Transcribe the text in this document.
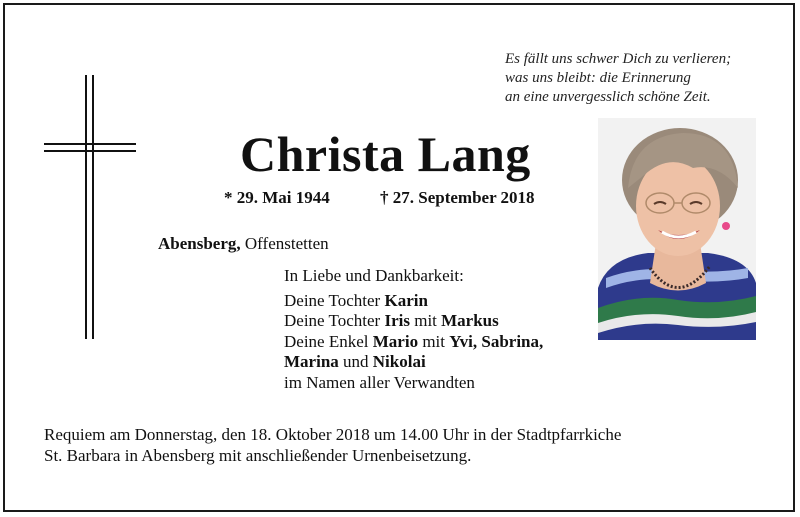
Es fällt uns schwer Dich zu verlieren;
was uns bleibt: die Erinnerung
an eine unvergesslich schöne Zeit.
Christa Lang
* 29. Mai 1944	† 27. September 2018
Abensberg, Offenstetten
In Liebe und Dankbarkeit:
Deine Tochter Karin
Deine Tochter Iris mit Markus
Deine Enkel Mario mit Yvi, Sabrina,
Marina und Nikolai
im Namen aller Verwandten
Requiem am Donnerstag, den 18. Oktober 2018 um 14.00 Uhr in der Stadtpfarrkiche
St. Barbara in Abensberg mit anschließender Urnenbeisetzung.
